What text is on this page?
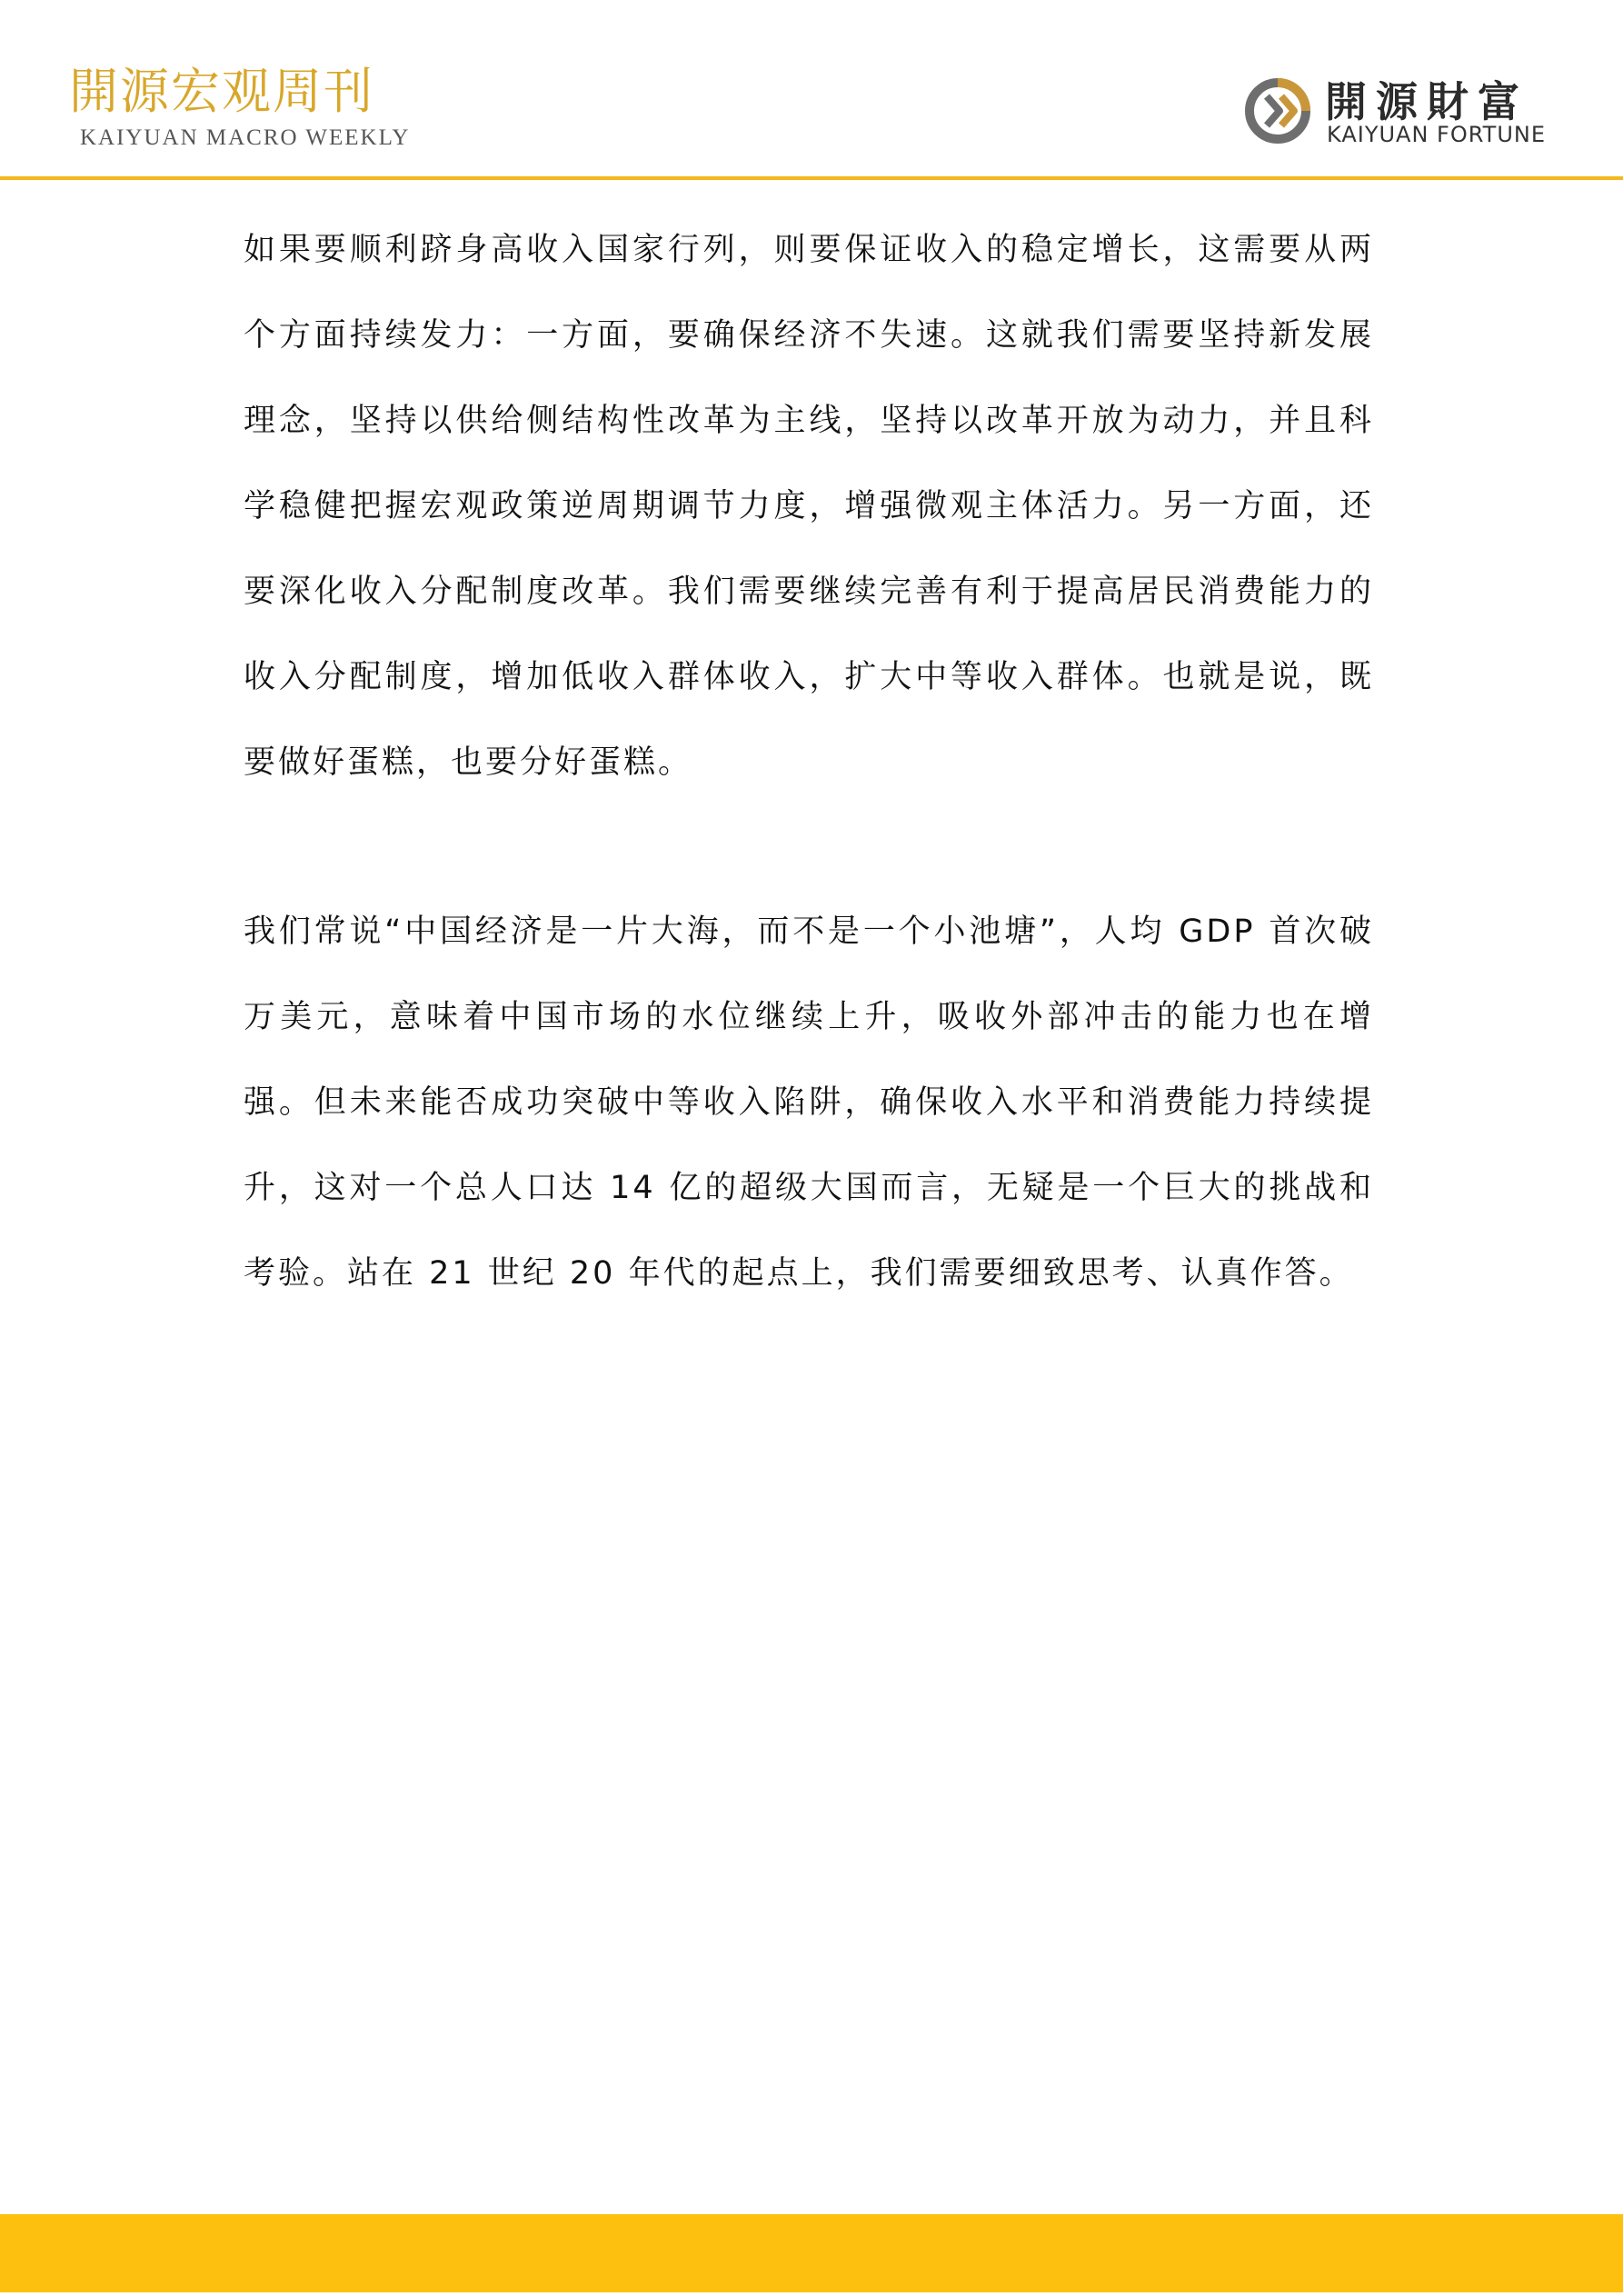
開源宏观周刊
KAIYUAN MACRO WEEKLY
開源財富
KAIYUAN FORTUNE

如果要顺利跻身高收入国家行列，则要保证收入的稳定增长，这需要从两个方面持续发力：一方面，要确保经济不失速。这就我们需要坚持新发展理念，坚持以供给侧结构性改革为主线，坚持以改革开放为动力，并且科学稳健把握宏观政策逆周期调节力度，增强微观主体活力。另一方面，还要深化收入分配制度改革。我们需要继续完善有利于提高居民消费能力的收入分配制度，增加低收入群体收入，扩大中等收入群体。也就是说，既要做好蛋糕，也要分好蛋糕。

我们常说“中国经济是一片大海，而不是一个小池塘”，人均 GDP 首次破万美元，意味着中国市场的水位继续上升，吸收外部冲击的能力也在增强。但未来能否成功突破中等收入陷阱，确保收入水平和消费能力持续提升，这对一个总人口达 14 亿的超级大国而言，无疑是一个巨大的挑战和考验。站在 21 世纪 20 年代的起点上，我们需要细致思考、认真作答。
